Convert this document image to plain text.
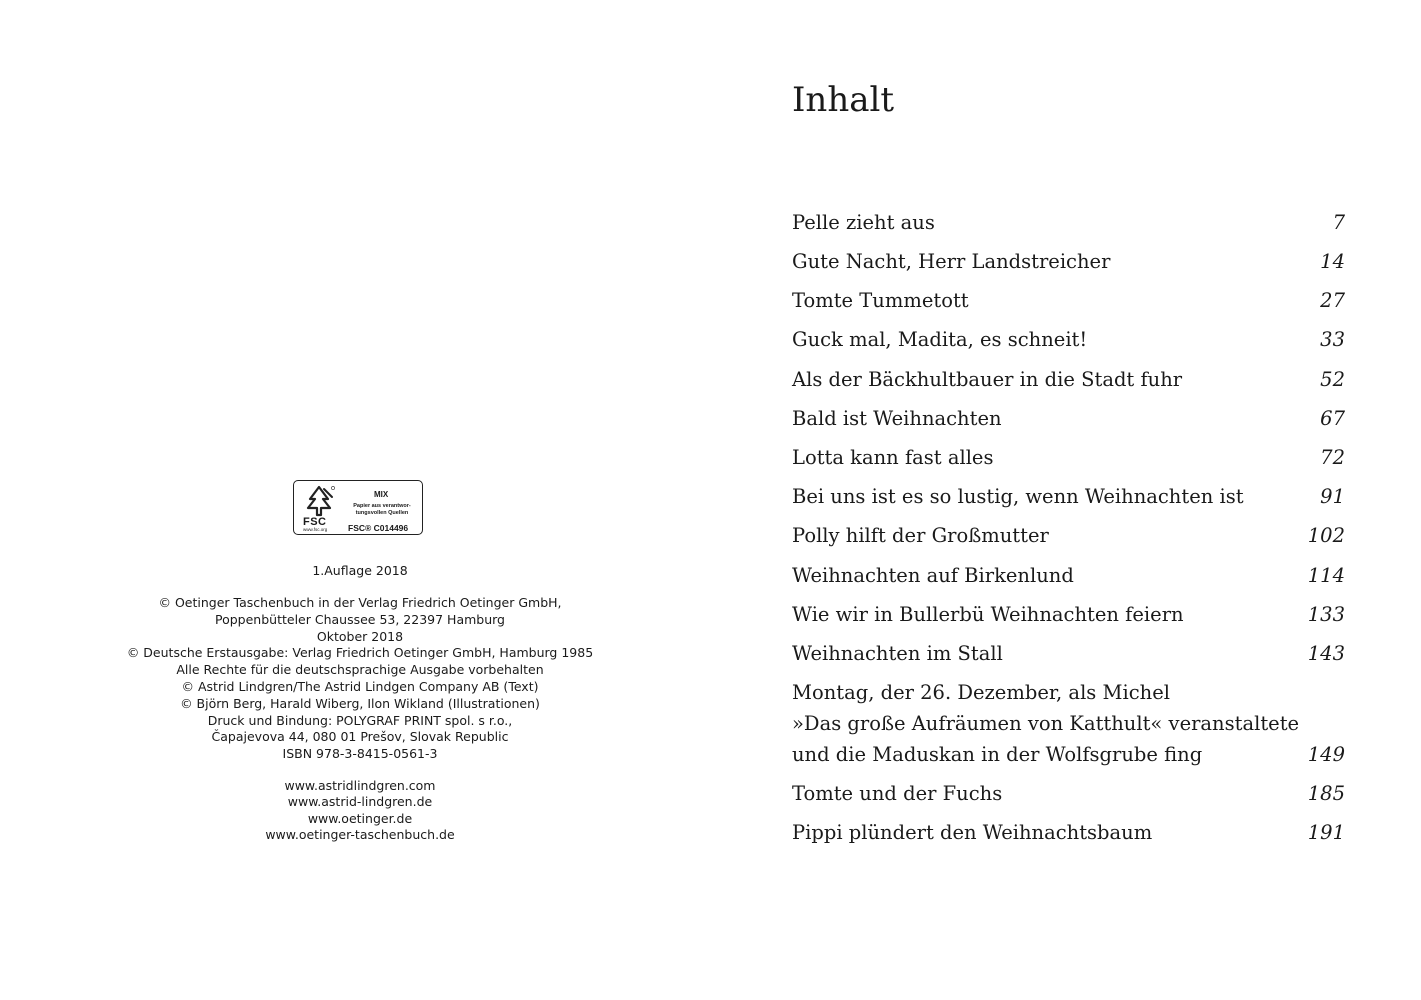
FSC
www.fsc.org
MIX
Papier aus verantwor-
tungsvollen Quellen
FSC® C014496
1.Auflage 2018
© Oetinger Taschenbuch in der Verlag Friedrich Oetinger GmbH,
Poppenbütteler Chaussee 53, 22397 Hamburg
Oktober 2018
© Deutsche Erstausgabe: Verlag Friedrich Oetinger GmbH, Hamburg 1985
Alle Rechte für die deutschsprachige Ausgabe vorbehalten
© Astrid Lindgren/The Astrid Lindgen Company AB (Text)
© Björn Berg, Harald Wiberg, Ilon Wikland (Illustrationen)
Druck und Bindung: POLYGRAF PRINT spol. s r.o.,
Čapajevova 44, 080 01 Prešov, Slovak Republic
ISBN 978-3-8415-0561-3
www.astridlindgren.com
www.astrid-lindgren.de
www.oetinger.de
www.oetinger-taschenbuch.de
Inhalt
Pelle zieht aus	7
Gute Nacht, Herr Landstreicher	14
Tomte Tummetott	27
Guck mal, Madita, es schneit!	33
Als der Bäckhultbauer in die Stadt fuhr	52
Bald ist Weihnachten	67
Lotta kann fast alles	72
Bei uns ist es so lustig, wenn Weihnachten ist	91
Polly hilft der Großmutter	102
Weihnachten auf Birkenlund	114
Wie wir in Bullerbü Weihnachten feiern	133
Weihnachten im Stall	143
Montag, der 26. Dezember, als Michel
»Das große Aufräumen von Katthult« veranstaltete
und die Maduskan in der Wolfsgrube fing	149
Tomte und der Fuchs	185
Pippi plündert den Weihnachtsbaum	191
